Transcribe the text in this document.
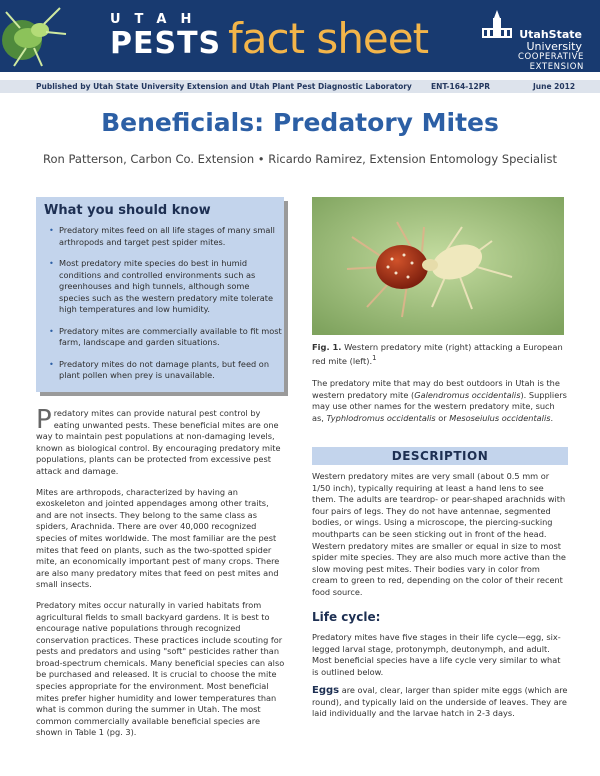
UTAH
PESTS fact sheet	UtahState
University
COOPERATIVE EXTENSION
Published by Utah State University Extension and Utah Plant Pest Diagnostic Laboratory	ENT-164-12PR	June 2012
Beneficials: Predatory Mites
Ron Patterson, Carbon Co. Extension • Ricardo Ramirez, Extension Entomology Specialist
What you should know
• Predatory mites feed on all life stages of many small arthropods and target pest spider mites.
• Most predatory mite species do best in humid conditions and controlled environments such as greenhouses and high tunnels, although some species such as the western predatory mite tolerate high temperatures and low humidity.
• Predatory mites are commercially available to fit most farm, landscape and garden situations.
• Predatory mites do not damage plants, but feed on plant pollen when prey is unavailable.

Predatory mites can provide natural pest control by eating unwanted pests. These beneficial mites are one way to maintain pest populations at non-damaging levels, known as biological control. By encouraging predatory mite populations, plants can be protected from excessive pest attack and damage.

Mites are arthropods, characterized by having an exoskeleton and jointed appendages among other traits, and are not insects. They belong to the same class as spiders, Arachnida. There are over 40,000 recognized species of mites worldwide. The most familiar are the pest mites that feed on plants, such as the two-spotted spider mite, an economically important pest of many crops. There are also many predatory mites that feed on pest mites and small insects.

Predatory mites occur naturally in varied habitats from agricultural fields to small backyard gardens. It is best to encourage native populations through recognized conservation practices. These practices include scouting for pests and predators and using "soft" pesticides rather than broad-spectrum chemicals. Many beneficial species can also be purchased and released. It is crucial to choose the mite species appropriate for the environment. Most beneficial mites prefer higher humidity and lower temperatures than what is common during the summer in Utah. The most common commercially available beneficial species are shown in Table 1 (pg. 3).

Fig. 1. Western predatory mite (right) attacking a European red mite (left).$^1$

The predatory mite that may do best outdoors in Utah is the western predatory mite (Galendromus occidentalis). Suppliers may use other names for the western predatory mite, such as, Typhlodromus occidentalis or Mesoseiulus occidentalis.

DESCRIPTION
Western predatory mites are very small (about 0.5 mm or 1/50 inch), typically requiring at least a hand lens to see them. The adults are teardrop- or pear-shaped arachnids with four pairs of legs. They do not have antennae, segmented bodies, or wings. Using a microscope, the piercing-sucking mouthparts can be seen sticking out in front of the head. Western predatory mites are smaller or equal in size to most spider mite species. They are also much more active than the slow moving pest mites. Their bodies vary in color from cream to green to red, depending on the color of their recent food source.
Life cycle:
Predatory mites have five stages in their life cycle—egg, six-legged larval stage, protonymph, deutonymph, and adult. Most beneficial species have a life cycle very similar to what is outlined below.
Eggs are oval, clear, larger than spider mite eggs (which are round), and typically laid on the underside of leaves. They are laid individually and the larvae hatch in 2-3 days.
